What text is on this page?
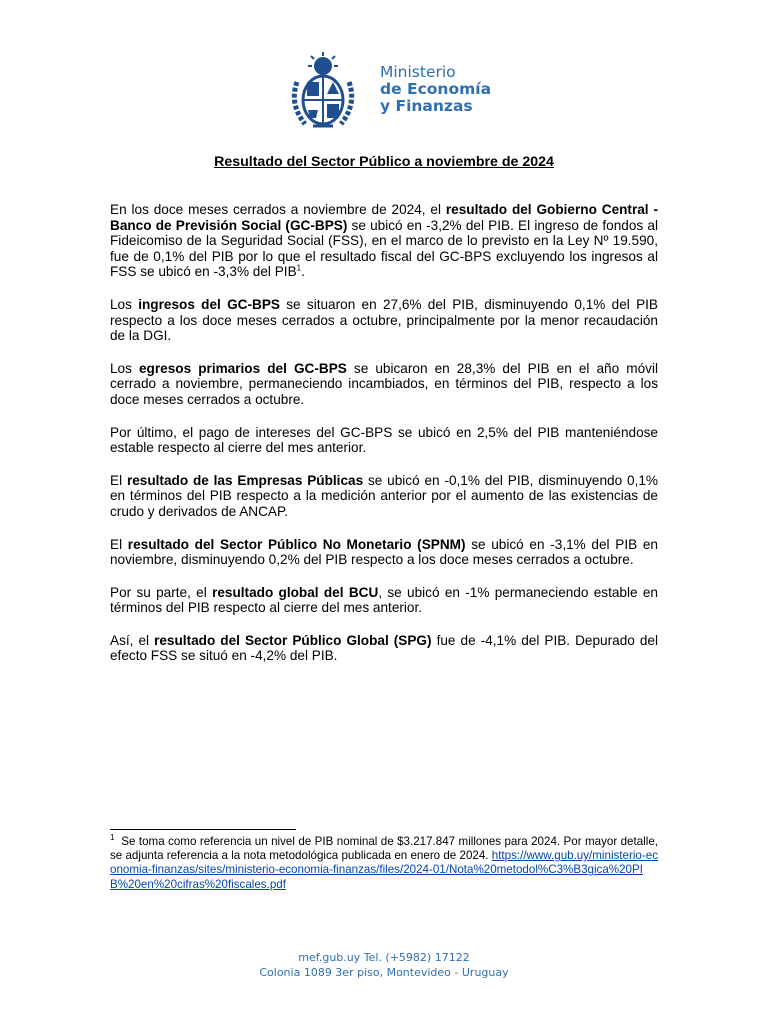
Ministerio
de Economía
y Finanzas
Resultado del Sector Público a noviembre de 2024

En los doce meses cerrados a noviembre de 2024, el resultado del Gobierno Central - Banco de Previsión Social (GC-BPS) se ubicó en -3,2% del PIB. El ingreso de fondos al Fideicomiso de la Seguridad Social (FSS), en el marco de lo previsto en la Ley Nº 19.590, fue de 0,1% del PIB por lo que el resultado fiscal del GC-BPS excluyendo los ingresos al FSS se ubicó en -3,3% del PIB$^1$.

Los ingresos del GC-BPS se situaron en 27,6% del PIB, disminuyendo 0,1% del PIB respecto a los doce meses cerrados a octubre, principalmente por la menor recaudación de la DGI.

Los egresos primarios del GC-BPS se ubicaron en 28,3% del PIB en el año móvil cerrado a noviembre, permaneciendo incambiados, en términos del PIB, respecto a los doce meses cerrados a octubre.

Por último, el pago de intereses del GC-BPS se ubicó en 2,5% del PIB manteniéndose estable respecto al cierre del mes anterior.

El resultado de las Empresas Públicas se ubicó en -0,1% del PIB, disminuyendo 0,1% en términos del PIB respecto a la medición anterior por el aumento de las existencias de crudo y derivados de ANCAP.

El resultado del Sector Público No Monetario (SPNM) se ubicó en -3,1% del PIB en noviembre, disminuyendo 0,2% del PIB respecto a los doce meses cerrados a octubre.

Por su parte, el resultado global del BCU, se ubicó en -1% permaneciendo estable en términos del PIB respecto al cierre del mes anterior.

Así, el resultado del Sector Público Global (SPG) fue de -4,1% del PIB. Depurado del efecto FSS se situó en -4,2% del PIB.

$^1$ Se toma como referencia un nivel de PIB nominal de $3.217.847 millones para 2024. Por mayor detalle, se adjunta referencia a la nota metodológica publicada en enero de 2024. https://www.gub.uy/ministerio-economia-finanzas/sites/ministerio-economia-finanzas/files/2024-01/Nota%20metodol%C3%B3gica%20PIB%20en%20cifras%20fiscales.pdf
mef.gub.uy Tel. (+5982) 17122
Colonia 1089 3er piso, Montevideo - Uruguay
